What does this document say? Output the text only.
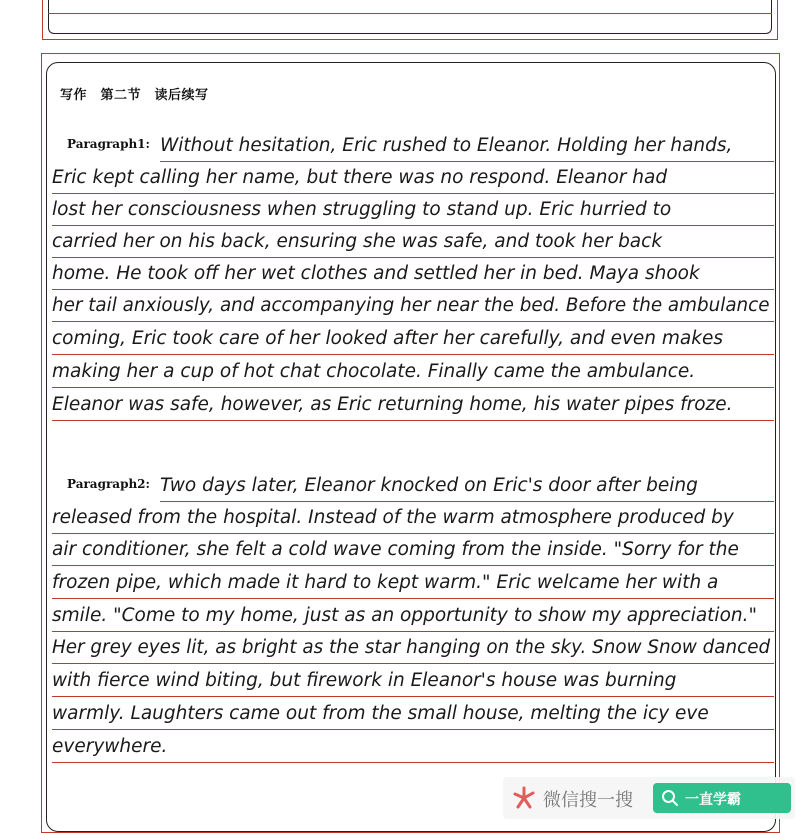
写作　第二节　读后续写
Paragraph1: Without hesitation, Eric rushed to Eleanor. Holding her hands,
Eric kept calling her name, but there was no respond. Eleanor had
lost her consciousness when struggling to stand up. Eric hurried to
carried her on his back, ensuring she was safe, and took her back
home. He took off her wet clothes and settled her in bed. Maya shook
her tail anxiously, and accompanying her near the bed. Before the ambulance
coming, Eric took care of her looked after her carefully, and even makes
making her a cup of hot chat chocolate. Finally came the ambulance.
Eleanor was safe, however, as Eric returning home, his water pipes froze.
Paragraph2: Two days later, Eleanor knocked on Eric's door after being
released from the hospital. Instead of the warm atmosphere produced by
air conditioner, she felt a cold wave coming from the inside. "Sorry for the
frozen pipe, which made it hard to kept warm." Eric welcame her with a
smile. "Come to my home, just as an opportunity to show my appreciation."
Her grey eyes lit, as bright as the star hanging on the sky. Snow Snow danced
with fierce wind biting, but firework in Eleanor's house was burning
warmly. Laughters came out from the small house, melting the icy eve
everywhere.
微信搜一搜	一直学霸
